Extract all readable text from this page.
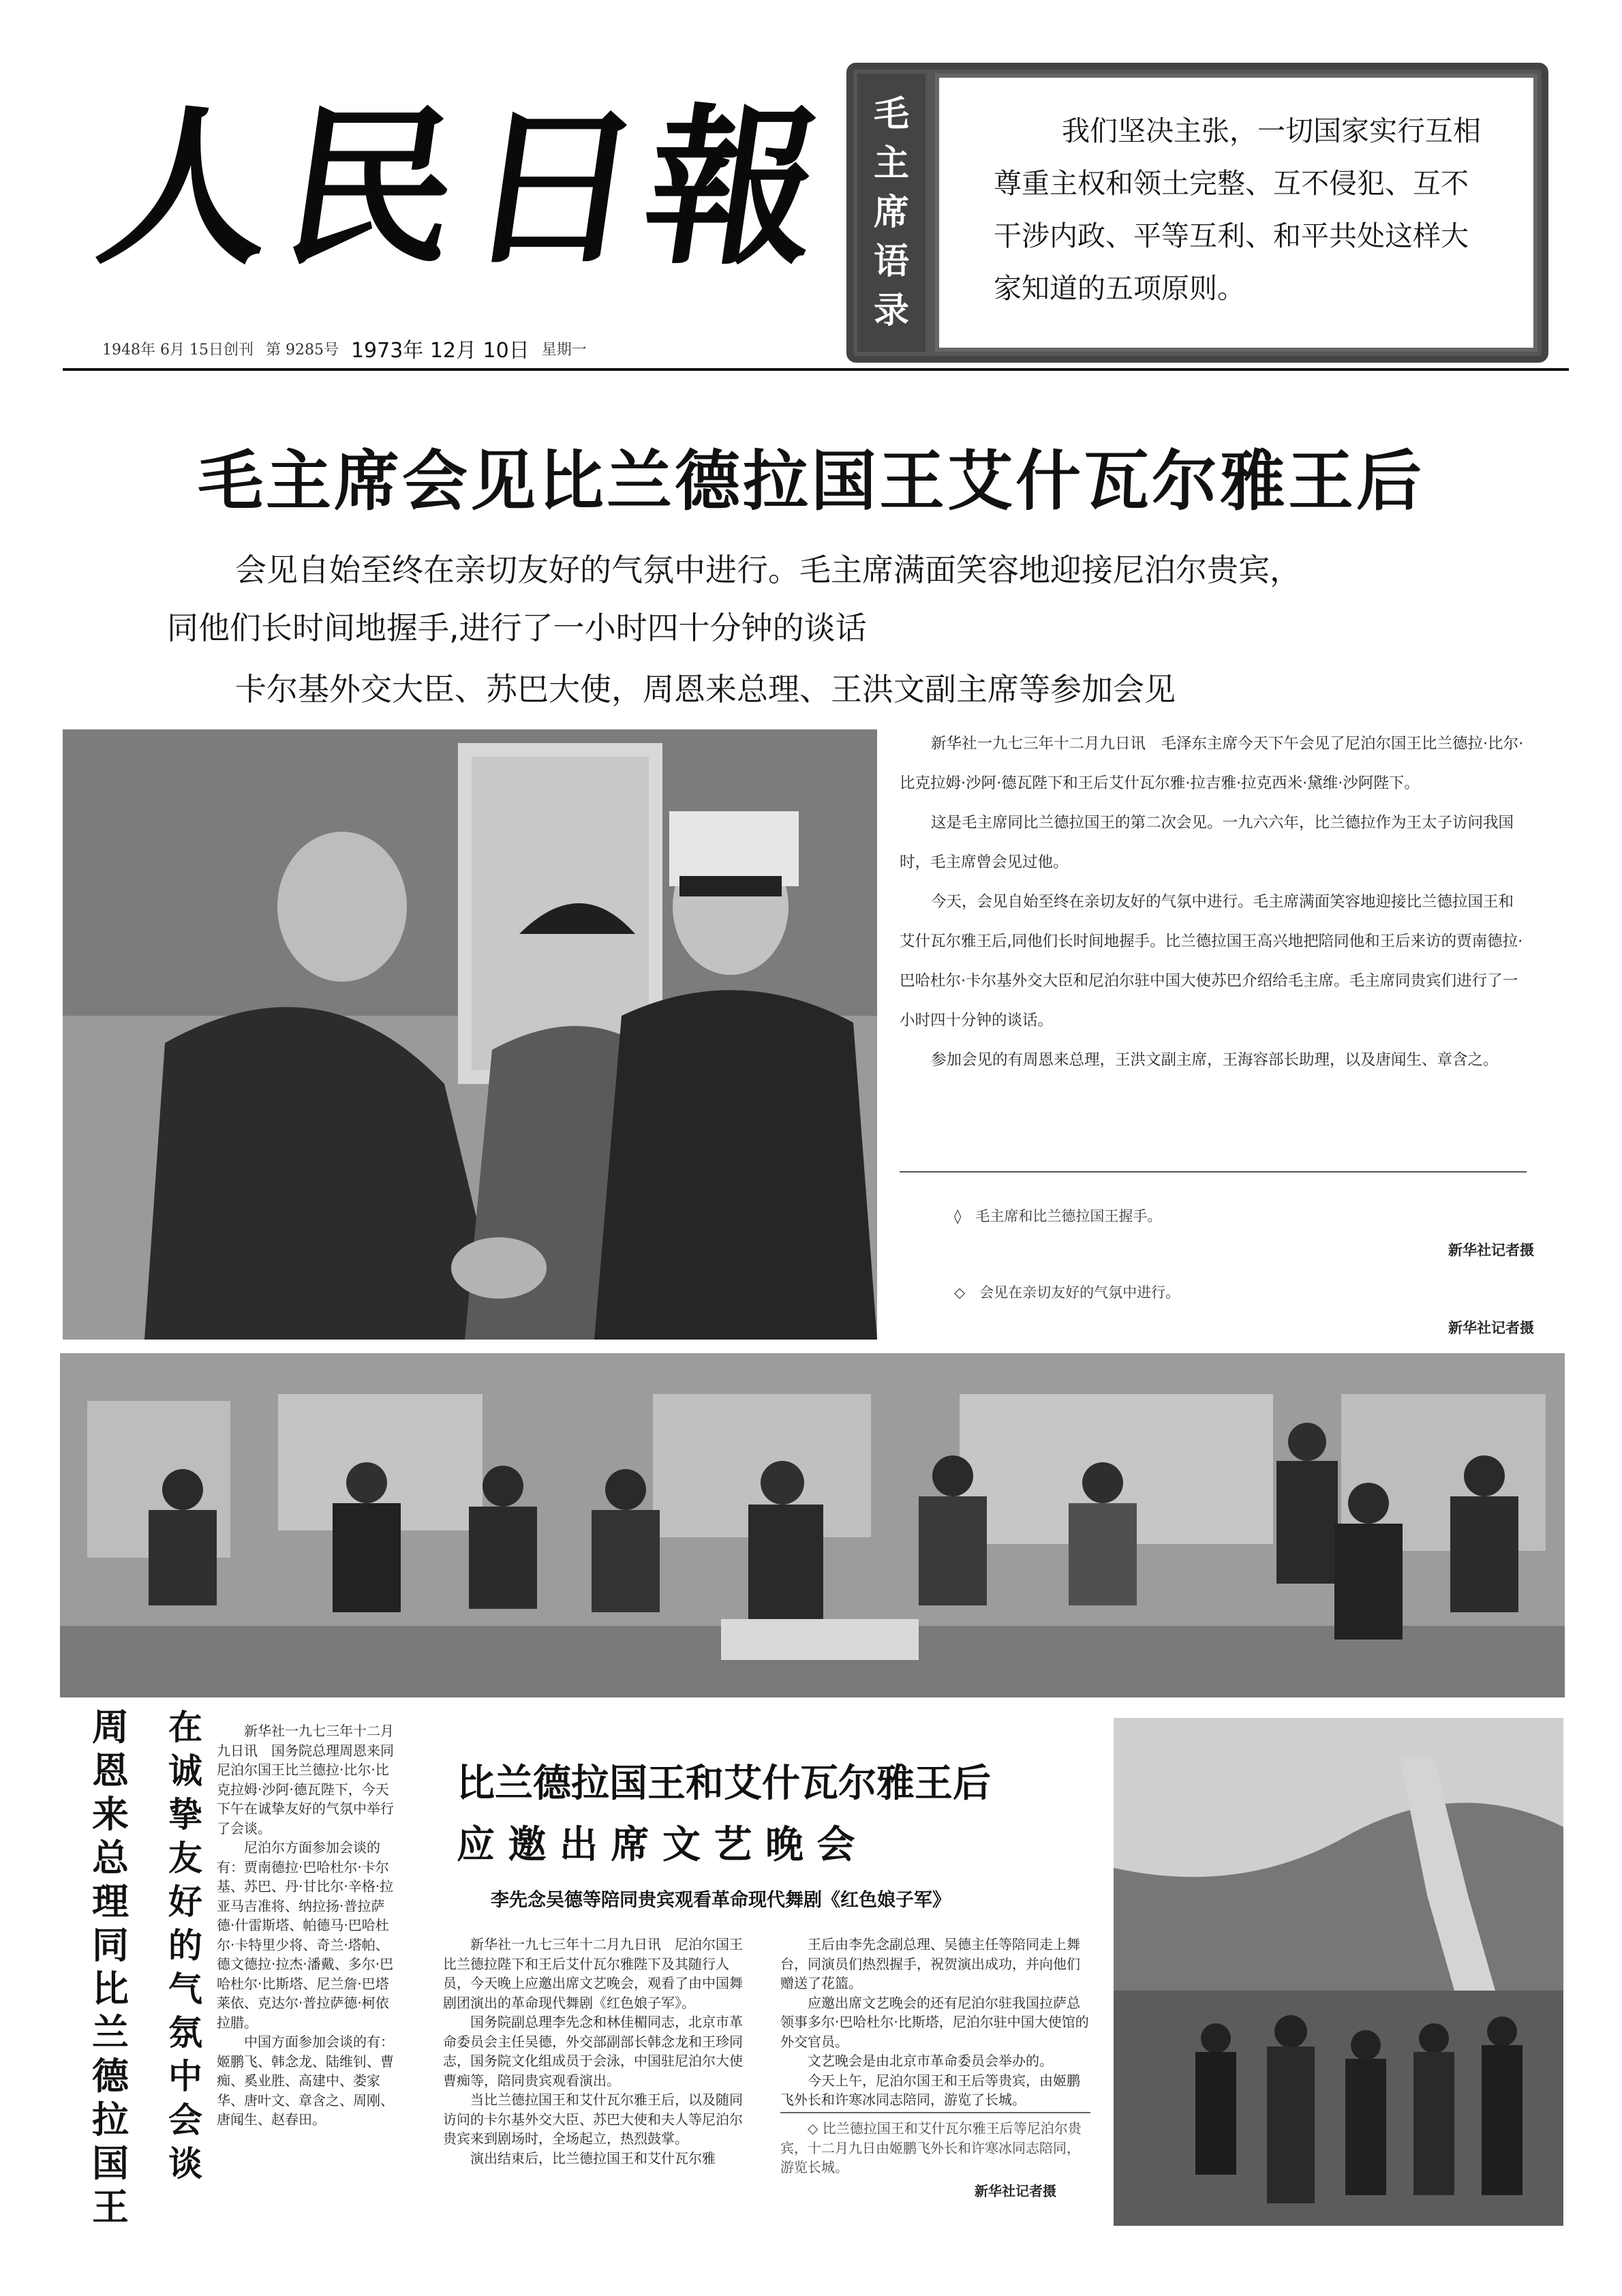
人
民
日
報
1948年 6月 15日创刊 第 9285号 1973年 12月 10日 星期一
毛
主
席
语
录

我们坚决主张，一切国家实行互相尊重主权和领土完整、互不侵犯、互不干涉内政、平等互利、和平共处这样大家知道的五项原则。

毛主席会见比兰德拉国王艾什瓦尔雅王后
会见自始至终在亲切友好的气氛中进行。毛主席满面笑容地迎接尼泊尔贵宾，
同他们长时间地握手,进行了一小时四十分钟的谈话
卡尔基外交大臣、苏巴大使，周恩来总理、王洪文副主席等参加会见

新华社一九七三年十二月九日讯　毛泽东主席今天下午会见了尼泊尔国王比兰德拉·比尔·比克拉姆·沙阿·德瓦陛下和王后艾什瓦尔雅·拉吉雅·拉克西米·黛维·沙阿陛下。

这是毛主席同比兰德拉国王的第二次会见。一九六六年，比兰德拉作为王太子访问我国时，毛主席曾会见过他。

今天，会见自始至终在亲切友好的气氛中进行。毛主席满面笑容地迎接比兰德拉国王和艾什瓦尔雅王后,同他们长时间地握手。比兰德拉国王高兴地把陪同他和王后来访的贾南德拉·巴哈杜尔·卡尔基外交大臣和尼泊尔驻中国大使苏巴介绍给毛主席。毛主席同贵宾们进行了一小时四十分钟的谈话。

参加会见的有周恩来总理，王洪文副主席，王海容部长助理，以及唐闻生、章含之。

◊　毛主席和比兰德拉国王握手。
新华社记者摄
◇　会见在亲切友好的气氛中进行。
新华社记者摄
周
恩
来
总
理
同
比
兰
德
拉
国
王
在
诚
挚
友
好
的
气
氛
中
会
谈

新华社一九七三年十二月九日讯　国务院总理周恩来同尼泊尔国王比兰德拉·比尔·比克拉姆·沙阿·德瓦陛下，今天下午在诚挚友好的气氛中举行了会谈。

尼泊尔方面参加会谈的有：贾南德拉·巴哈杜尔·卡尔基、苏巴、丹·甘比尔·辛格·拉亚马吉准将、纳拉扬·普拉萨德·什雷斯塔、帕德马·巴哈杜尔·卡特里少将、奇兰·塔帕、德文德拉·拉杰·潘戴、多尔·巴哈杜尔·比斯塔、尼兰詹·巴塔莱依、克达尔·普拉萨德·柯依拉腊。

中国方面参加会谈的有：姬鹏飞、韩念龙、陆维钊、曹痴、奚业胜、高建中、娄家华、唐叶文、章含之、周刚、唐闻生、赵春田。

比兰德拉国王和艾什瓦尔雅王后
应 邀 出 席 文 艺 晚 会
李先念吴德等陪同贵宾观看革命现代舞剧《红色娘子军》

新华社一九七三年十二月九日讯　尼泊尔国王比兰德拉陛下和王后艾什瓦尔雅陛下及其随行人员，今天晚上应邀出席文艺晚会，观看了由中国舞剧团演出的革命现代舞剧《红色娘子军》。

国务院副总理李先念和林佳楣同志，北京市革命委员会主任吴德，外交部副部长韩念龙和王珍同志，国务院文化组成员于会泳，中国驻尼泊尔大使曹痴等，陪同贵宾观看演出。

当比兰德拉国王和艾什瓦尔雅王后，以及随同访问的卡尔基外交大臣、苏巴大使和夫人等尼泊尔贵宾来到剧场时，全场起立，热烈鼓掌。

演出结束后，比兰德拉国王和艾什瓦尔雅

王后由李先念副总理、吴德主任等陪同走上舞台，同演员们热烈握手，祝贺演出成功，并向他们赠送了花篮。

应邀出席文艺晚会的还有尼泊尔驻我国拉萨总领事多尔·巴哈杜尔·比斯塔，尼泊尔驻中国大使馆的外交官员。

文艺晚会是由北京市革命委员会举办的。

今天上午，尼泊尔国王和王后等贵宾，由姬鹏飞外长和许寒冰同志陪同，游览了长城。

◇ 比兰德拉国王和艾什瓦尔雅王后等尼泊尔贵宾，十二月九日由姬鹏飞外长和许寒冰同志陪同，游览长城。

新华社记者摄
